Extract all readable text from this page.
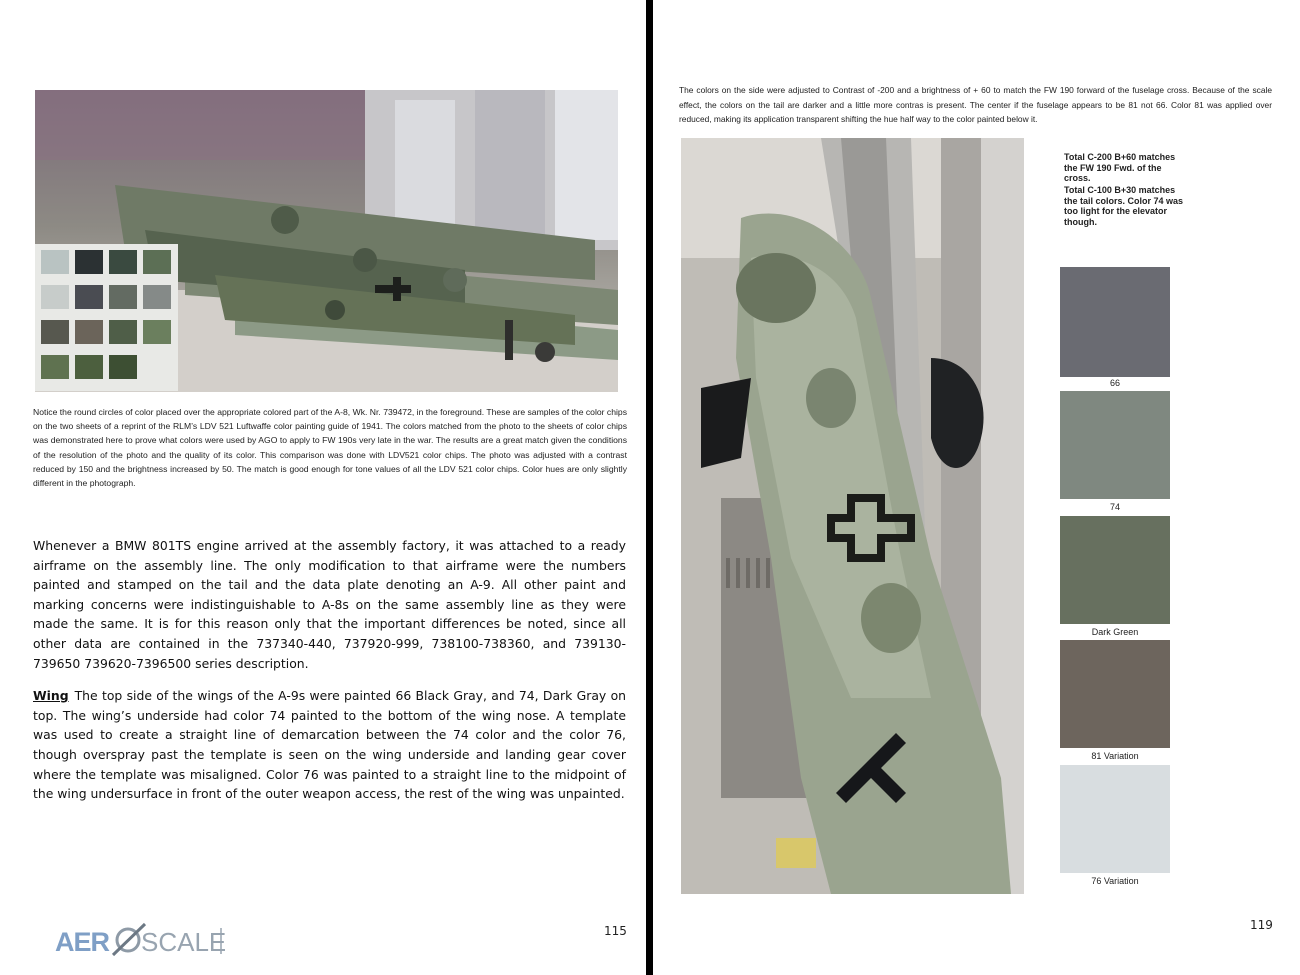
Notice the round circles of color placed over the appropriate colored part of the A-8, Wk. Nr. 739472, in the foreground. These are samples of the color chips on the two sheets of a reprint of the RLM’s LDV 521 Luftwaffe color painting guide of 1941. The colors matched from the photo to the sheets of color chips was demonstrated here to prove what colors were used by AGO to apply to FW 190s very late in the war. The results are a great match given the conditions of the resolution of the photo and the quality of its color. This comparison was done with LDV521 color chips. The photo was adjusted with a contrast reduced by 150 and the brightness increased by 50. The match is good enough for tone values of all the LDV 521 color chips. Color hues are only slightly different in the photograph.

Whenever a BMW 801TS engine arrived at the assembly factory, it was attached to a ready airframe on the assembly line. The only modification to that airframe were the numbers painted and stamped on the tail and the data plate denoting an A-9. All other paint and marking concerns were indistinguishable to A-8s on the same assembly line as they were made the same. It is for this reason only that the important differences be noted, since all other data are contained in the 737340-440, 737920-999, 738100-738360, and 739130-739650 739620-7396500 series description.

Wing The top side of the wings of the A-9s were painted 66 Black Gray, and 74, Dark Gray on top. The wing’s underside had color 74 painted to the bottom of the wing nose. A template was used to create a straight line of demarcation between the 74 color and the color 76, though overspray past the template is seen on the wing underside and landing gear cover where the template was misaligned. Color 76 was painted to a straight line to the midpoint of the wing undersurface in front of the outer weapon access, the rest of the wing was unpainted.

AER SCALE	115
The colors on the side were adjusted to Contrast of -200 and a brightness of + 60 to match the FW 190 forward of the fuselage cross. Because of the scale effect, the colors on the tail are darker and a little more contras is present. The center if the fuselage appears to be 81 not 66. Color 81 was applied over reduced, making its application transparent shifting the hue half way to the color painted below it.
Total C-200 B+60 matches the FW 190 Fwd. of the cross.
Total C-100 B+30 matches the tail colors. Color 74 was too light for the elevator though.
66
74
Dark Green
81 Variation
76 Variation
119
